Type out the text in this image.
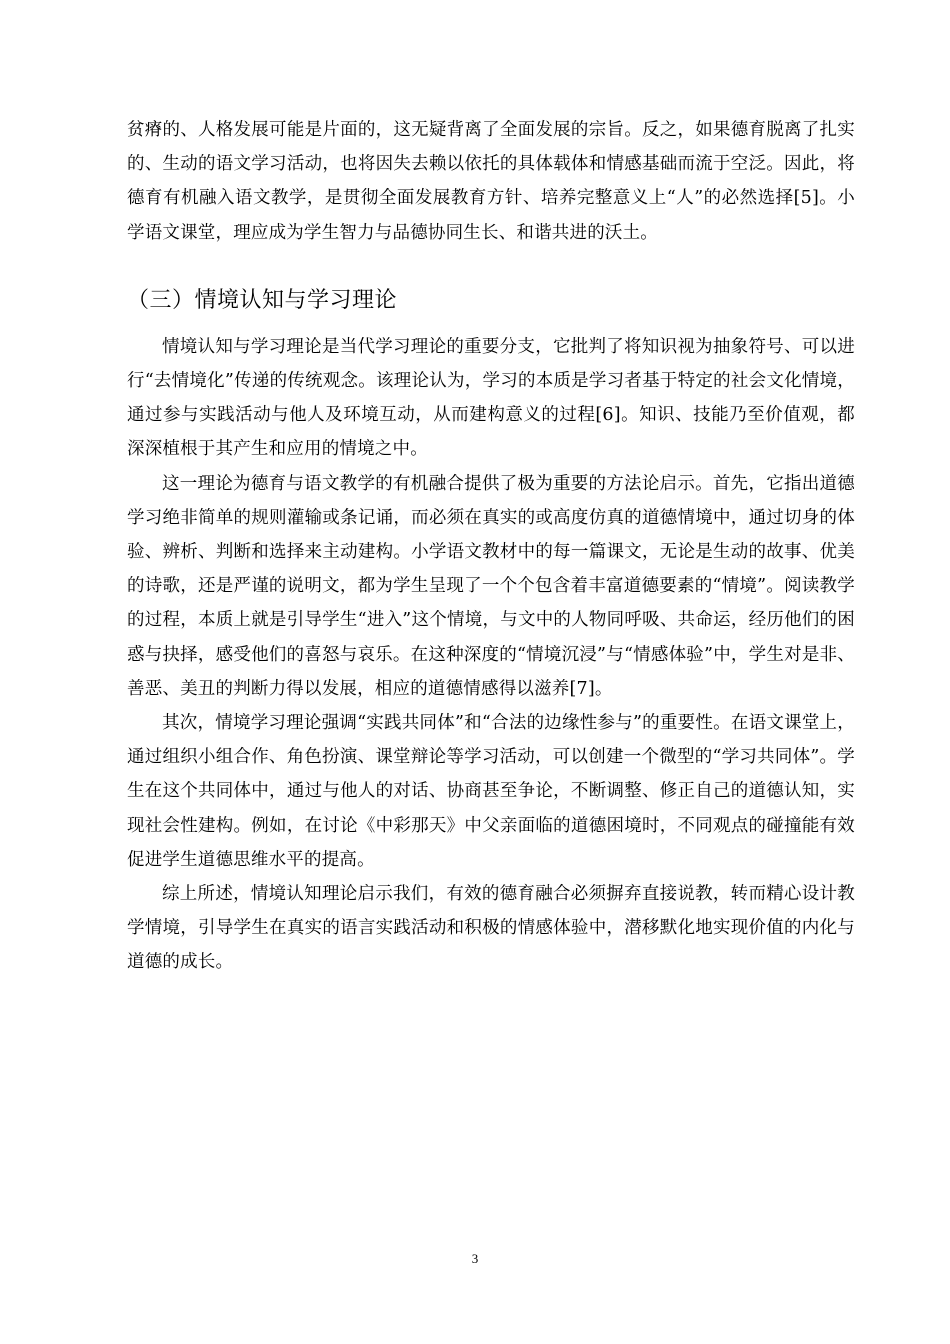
贫瘠的、人格发展可能是片面的，这无疑背离了全面发展的宗旨。反之，如果德育脱离了扎实的、生动的语文学习活动，也将因失去赖以依托的具体载体和情感基础而流于空泛。因此，将德育有机融入语文教学，是贯彻全面发展教育方针、培养完整意义上“人”的必然选择[5]。小学语文课堂，理应成为学生智力与品德协同生长、和谐共进的沃土。

（三）情境认知与学习理论

情境认知与学习理论是当代学习理论的重要分支，它批判了将知识视为抽象符号、可以进行“去情境化”传递的传统观念。该理论认为，学习的本质是学习者基于特定的社会文化情境，通过参与实践活动与他人及环境互动，从而建构意义的过程[6]。知识、技能乃至价值观，都深深植根于其产生和应用的情境之中。

这一理论为德育与语文教学的有机融合提供了极为重要的方法论启示。首先，它指出道德学习绝非简单的规则灌输或条记诵，而必须在真实的或高度仿真的道德情境中，通过切身的体验、辨析、判断和选择来主动建构。小学语文教材中的每一篇课文，无论是生动的故事、优美的诗歌，还是严谨的说明文，都为学生呈现了一个个包含着丰富道德要素的“情境”。阅读教学的过程，本质上就是引导学生“进入”这个情境，与文中的人物同呼吸、共命运，经历他们的困惑与抉择，感受他们的喜怒与哀乐。在这种深度的“情境沉浸”与“情感体验”中，学生对是非、善恶、美丑的判断力得以发展，相应的道德情感得以滋养[7]。

其次，情境学习理论强调“实践共同体”和“合法的边缘性参与”的重要性。在语文课堂上，通过组织小组合作、角色扮演、课堂辩论等学习活动，可以创建一个微型的“学习共同体”。学生在这个共同体中，通过与他人的对话、协商甚至争论，不断调整、修正自己的道德认知，实现社会性建构。例如，在讨论《中彩那天》中父亲面临的道德困境时，不同观点的碰撞能有效促进学生道德思维水平的提高。

综上所述，情境认知理论启示我们，有效的德育融合必须摒弃直接说教，转而精心设计教学情境，引导学生在真实的语言实践活动和积极的情感体验中，潜移默化地实现价值的内化与道德的成长。

3
